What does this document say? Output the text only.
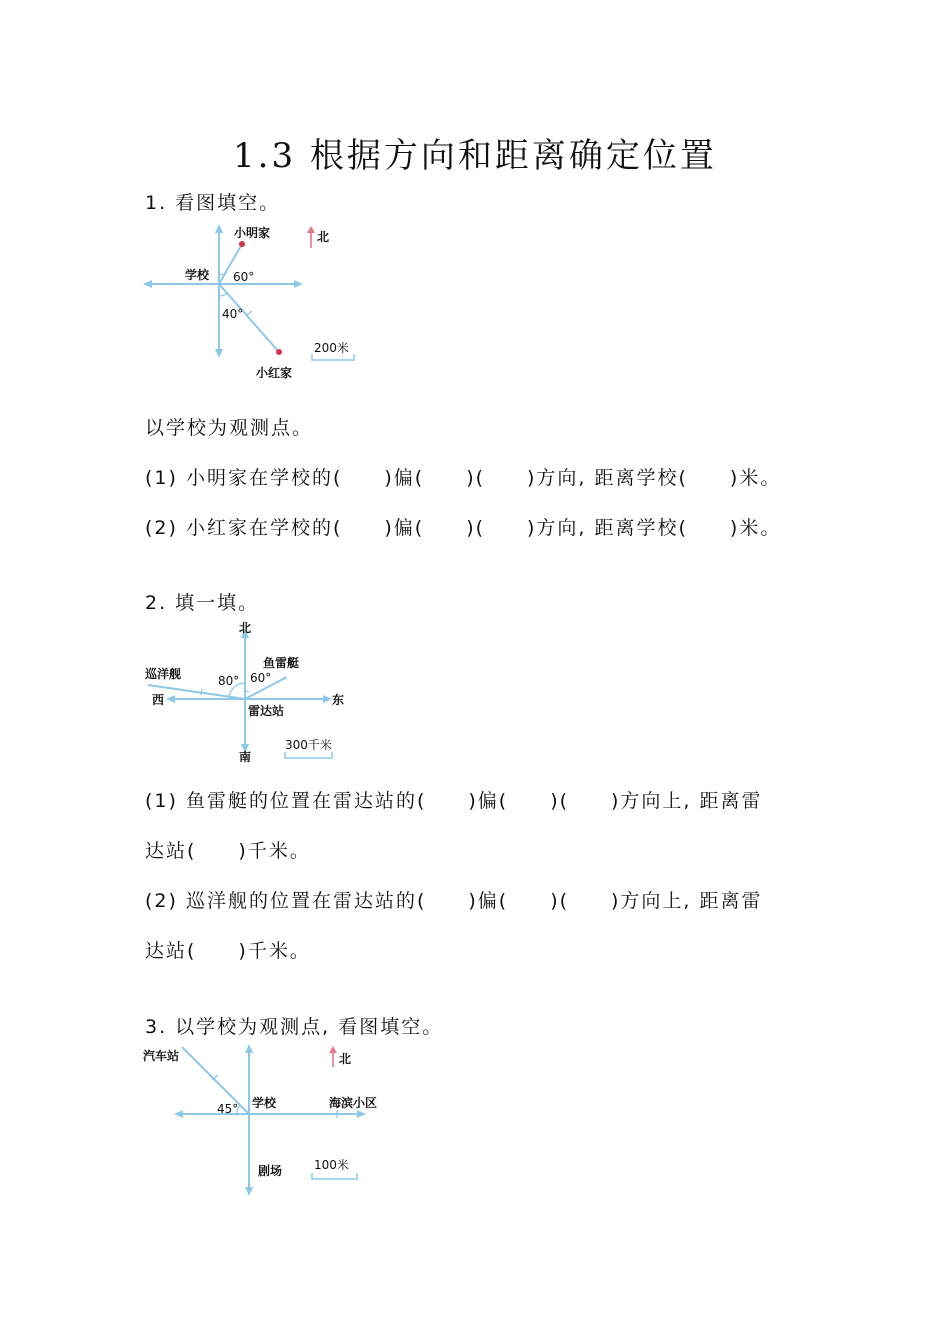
1.3 根据方向和距离确定位置
1. 看图填空。
小明家	北
学校 60°
40°
200米
小红家
以学校为观测点。
(1) 小明家在学校的(　　)偏(　　)(　　)方向, 距离学校(　　)米。
(2) 小红家在学校的(　　)偏(　　)(　　)方向, 距离学校(　　)米。
2. 填一填。
北
鱼雷艇
巡洋舰	80° 60°
西	东
雷达站
300千米
南
(1) 鱼雷艇的位置在雷达站的(　　)偏(　　)(　　)方向上, 距离雷
达站(　　)千米。
(2) 巡洋舰的位置在雷达站的(　　)偏(　　)(　　)方向上, 距离雷
达站(　　)千米。
3. 以学校为观测点, 看图填空。
汽车站	北
45° 学校	海滨小区
剧场	100米
